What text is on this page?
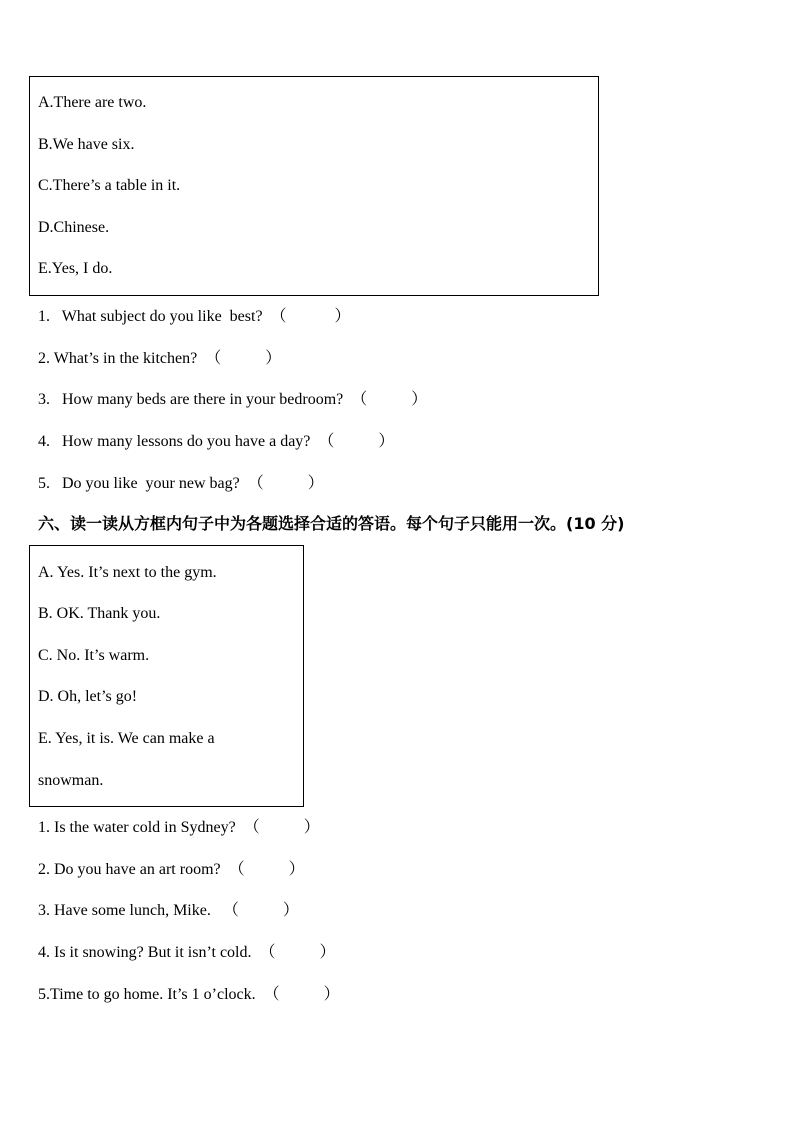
A.There are two.
B.We have six.
C.There’s a table in it.
D.Chinese.
E.Yes, I do.
1.   What subject do you like  best?  （            ）
2. What’s in the kitchen?  （           ）
3.   How many beds are there in your bedroom?  （           ）
4.   How many lessons do you have a day?  （           ）
5.   Do you like  your new bag?  （           ）
六、读一读从方框内句子中为各题选择合适的答语。每个句子只能用一次。(10 分)
A. Yes. It’s next to the gym.
B. OK. Thank you.
C. No. It’s warm.
D. Oh, let’s go!
E. Yes, it is. We can make a
snowman.
1. Is the water cold in Sydney?  （           ）
2. Do you have an art room?  （           ）
3. Have some lunch, Mike.   （           ）
4. Is it snowing? But it isn’t cold.  （           ）
5.Time to go home. It’s 1 o’clock.  （           ）
